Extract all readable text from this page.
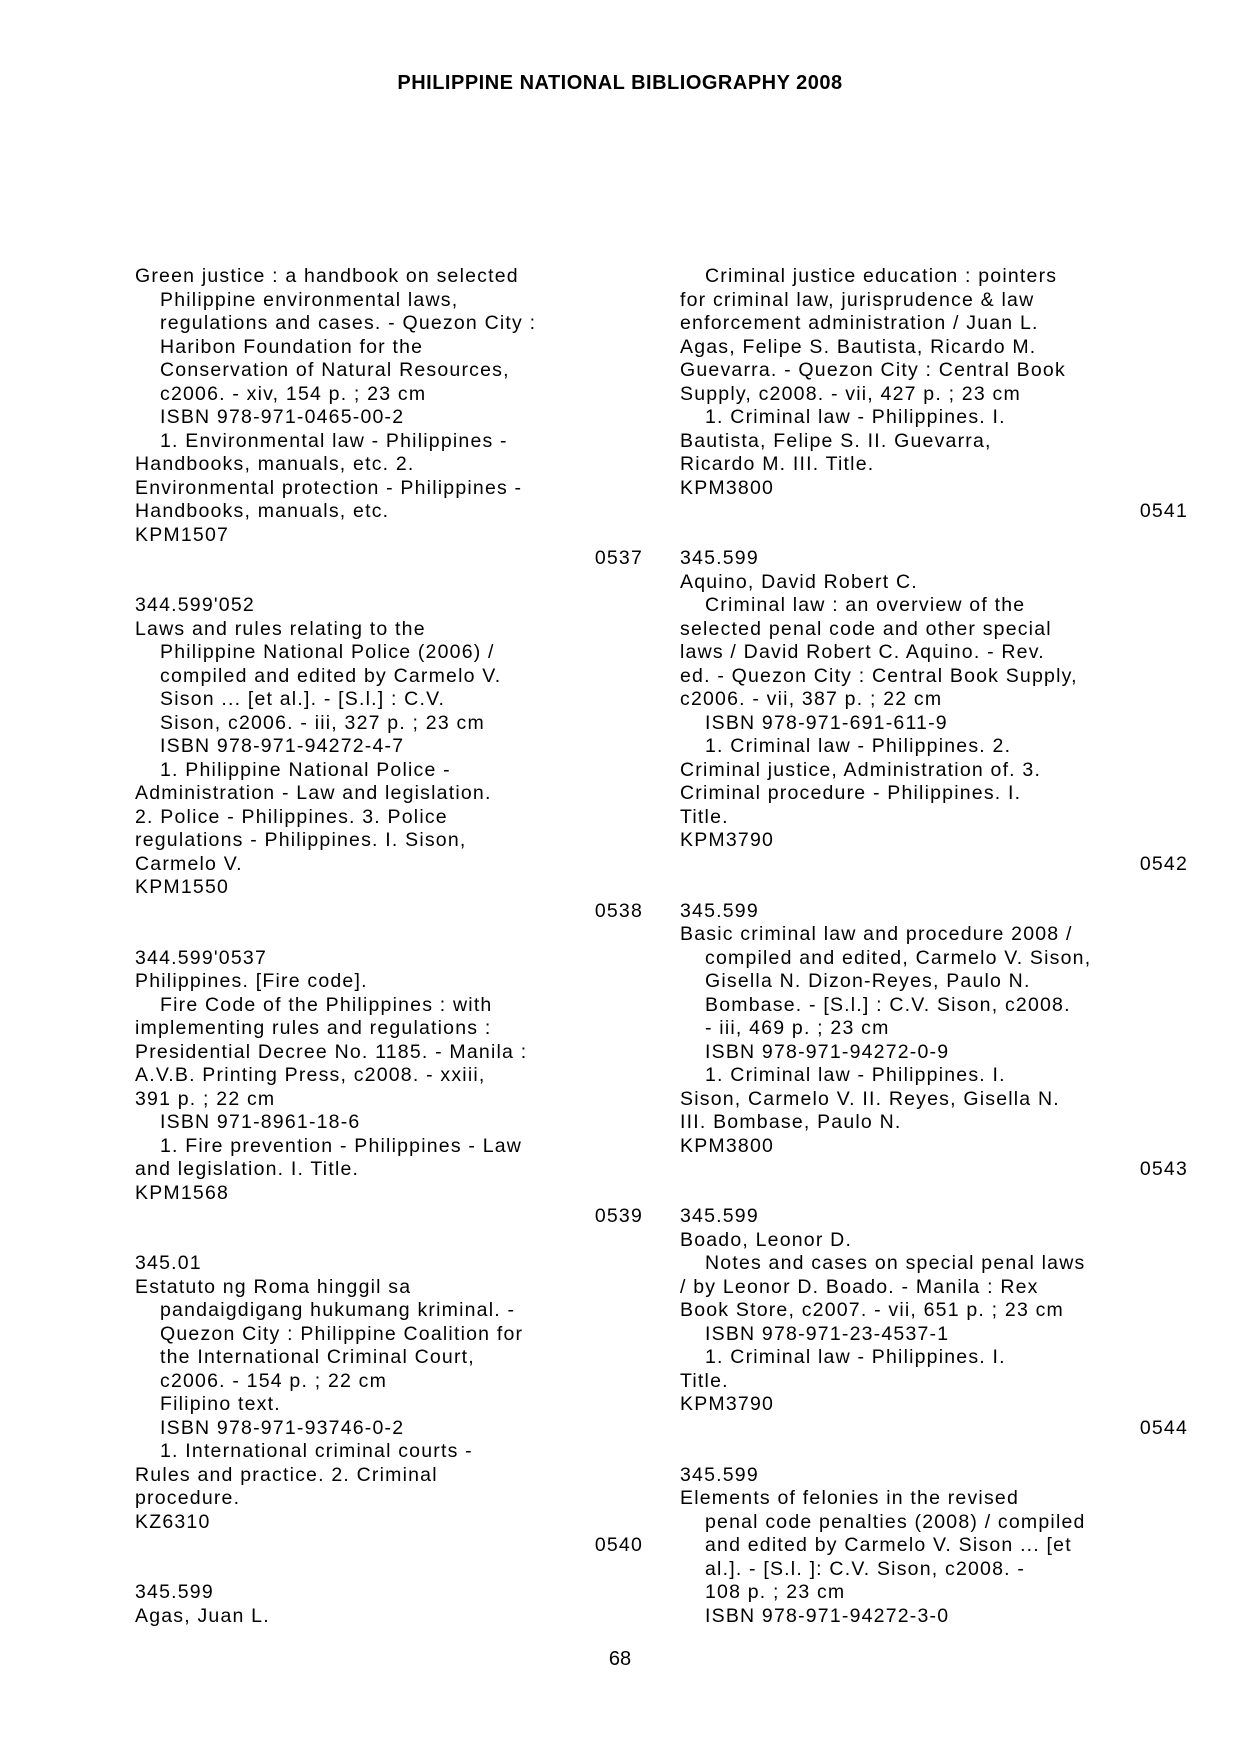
PHILIPPINE NATIONAL BIBLIOGRAPHY 2008
Green justice : a handbook on selected
Philippine environmental laws,
regulations and cases. - Quezon City :
Haribon Foundation for the
Conservation of Natural Resources,
c2006. - xiv, 154 p. ; 23 cm
ISBN 978-971-0465-00-2
1. Environmental law - Philippines -
Handbooks, manuals, etc. 2.
Environmental protection - Philippines -
Handbooks, manuals, etc.
KPM1507
0537
344.599'052
Laws and rules relating to the
Philippine National Police (2006) /
compiled and edited by Carmelo V.
Sison ... [et al.]. - [S.l.] : C.V.
Sison, c2006. - iii, 327 p. ; 23 cm
ISBN 978-971-94272-4-7
1. Philippine National Police -
Administration - Law and legislation.
2. Police - Philippines. 3. Police
regulations - Philippines. I. Sison,
Carmelo V.
KPM1550
0538
344.599'0537
Philippines. [Fire code].
Fire Code of the Philippines : with
implementing rules and regulations :
Presidential Decree No. 1185. - Manila :
A.V.B. Printing Press, c2008. - xxiii,
391 p. ; 22 cm
ISBN 971-8961-18-6
1. Fire prevention - Philippines - Law
and legislation. I. Title.
KPM1568
0539
345.01
Estatuto ng Roma hinggil sa
pandaigdigang hukumang kriminal. -
Quezon City : Philippine Coalition for
the International Criminal Court,
c2006. - 154 p. ; 22 cm
Filipino text.
ISBN 978-971-93746-0-2
1. International criminal courts -
Rules and practice. 2. Criminal
procedure.
KZ6310
0540
345.599
Agas, Juan L.
Criminal justice education : pointers
for criminal law, jurisprudence & law
enforcement administration / Juan L.
Agas, Felipe S. Bautista, Ricardo M.
Guevarra. - Quezon City : Central Book
Supply, c2008. - vii, 427 p. ; 23 cm
1. Criminal law - Philippines. I.
Bautista, Felipe S. II. Guevarra,
Ricardo M. III. Title.
KPM3800
0541
345.599
Aquino, David Robert C.
Criminal law : an overview of the
selected penal code and other special
laws / David Robert C. Aquino. - Rev.
ed. - Quezon City : Central Book Supply,
c2006. - vii, 387 p. ; 22 cm
ISBN 978-971-691-611-9
1. Criminal law - Philippines. 2.
Criminal justice, Administration of. 3.
Criminal procedure - Philippines. I.
Title.
KPM3790
0542
345.599
Basic criminal law and procedure 2008 /
compiled and edited, Carmelo V. Sison,
Gisella N. Dizon-Reyes, Paulo N.
Bombase. - [S.l.] : C.V. Sison, c2008.
- iii, 469 p. ; 23 cm
ISBN 978-971-94272-0-9
1. Criminal law - Philippines. I.
Sison, Carmelo V. II. Reyes, Gisella N.
III. Bombase, Paulo N.
KPM3800
0543
345.599
Boado, Leonor D.
Notes and cases on special penal laws
/ by Leonor D. Boado. - Manila : Rex
Book Store, c2007. - vii, 651 p. ; 23 cm
ISBN 978-971-23-4537-1
1. Criminal law - Philippines. I.
Title.
KPM3790
0544
345.599
Elements of felonies in the revised
penal code penalties (2008) / compiled
and edited by Carmelo V. Sison ... [et
al.]. - [S.l. ]: C.V. Sison, c2008. -
108 p. ; 23 cm
ISBN 978-971-94272-3-0
68
